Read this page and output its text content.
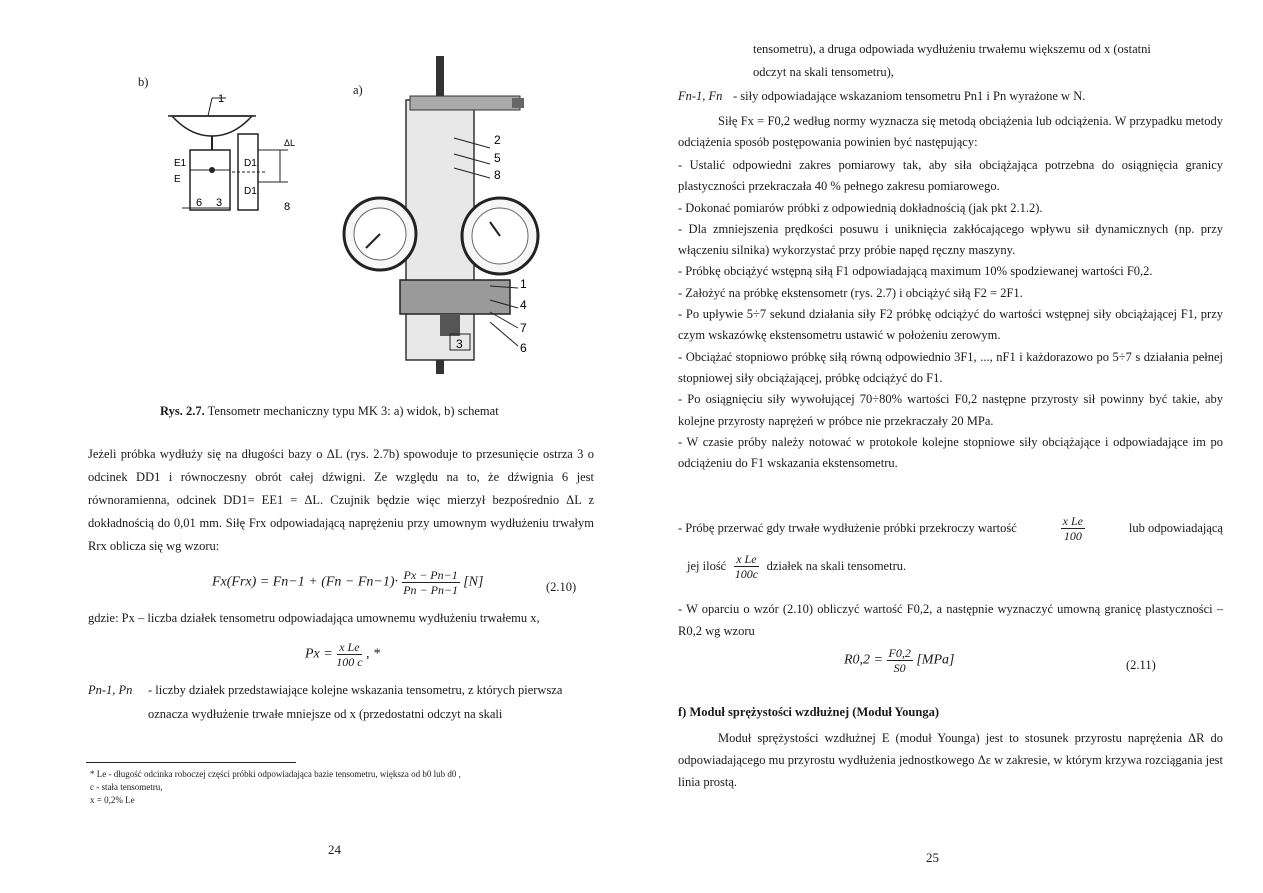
b)
1
E1
E
D1
D1
6 3	8
ΔL
a)
2
5
8
1
4
7
3	6
Rys. 2.7. Tensometr mechaniczny typu MK 3: a) widok, b) schemat
Jeżeli próbka wydłuży się na długości bazy o ΔL (rys. 2.7b) spowoduje to przesunięcie ostrza 3 o odcinek DD1 i równoczesny obrót całej dźwigni. Ze względu na to, że dźwignia 6 jest równoramienna, odcinek DD1= EE1 = ΔL. Czujnik będzie więc mierzył bezpośrednio ΔL z dokładnością do 0,01 mm. Siłę Frx odpowiadającą naprężeniu przy umownym wydłużeniu trwałym Rrx oblicza się wg wzoru:
$Fx(Frx) = Fn-1 + (Fn - Fn-1)\cdot \frac{Px - Pn-1}{Pn - Pn-1} [N]$	(2.10)
gdzie: Px – liczba działek tensometru odpowiadająca umownemu wydłużeniu trwałemu x,
$Px = \frac{\text{x Le}}{100 c}$ , *
Pn-1, Pn - liczby działek przedstawiające kolejne wskazania tensometru, z których pierwsza
oznacza wydłużenie trwałe mniejsze od x (przedostatni odczyt na skali
* Le - długość odcinka roboczej części próbki odpowiadająca bazie tensometru, większa od b0 lub d0 ,
c - stała tensometru,
x = 0,2% Le
24
tensometru), a druga odpowiada wydłużeniu trwałemu większemu od x (ostatni
odczyt na skali tensometru),
Fn-1, Fn - siły odpowiadające wskazaniom tensometru Pn1 i Pn wyrażone w N.
Siłę Fx = F0,2 według normy wyznacza się metodą obciążenia lub odciążenia. W przypadku metody odciążenia sposób postępowania powinien być następujący:
- Ustalić odpowiedni zakres pomiarowy tak, aby siła obciążająca potrzebna do osiągnięcia granicy plastyczności przekraczała 40 % pełnego zakresu pomiarowego.
- Dokonać pomiarów próbki z odpowiednią dokładnością (jak pkt 2.1.2).
- Dla zmniejszenia prędkości posuwu i uniknięcia zakłócającego wpływu sił dynamicznych (np. przy włączeniu silnika) wykorzystać przy próbie napęd ręczny maszyny.
- Próbkę obciążyć wstępną siłą F1 odpowiadającą maximum 10% spodziewanej wartości F0,2.
- Założyć na próbkę ekstensometr (rys. 2.7) i obciążyć siłą F2 = 2F1.
- Po upływie 5÷7 sekund działania siły F2 próbkę odciążyć do wartości wstępnej siły obciążającej F1, przy czym wskazówkę ekstensometru ustawić w położeniu zerowym.
- Obciążać stopniowo próbkę siłą równą odpowiednio 3F1, ..., nF1 i każdorazowo po 5÷7 s działania pełnej stopniowej siły obciążającej, próbkę odciążyć do F1.
- Po osiągnięciu siły wywołującej 70÷80% wartości F0,2 następne przyrosty sił powinny być takie, aby kolejne przyrosty naprężeń w próbce nie przekraczały 20 MPa.
- W czasie próby należy notować w protokole kolejne stopniowe siły obciążające i odpowiadające im po odciążeniu do F1 wskazania ekstensometru.
- Próbę przerwać gdy trwałe wydłużenie próbki przekroczy wartość	$\frac{\text{x Le}}{100}$	lub odpowiadającą
jej ilość $\frac{\text{x Le}}{100c}$ działek na skali tensometru.
- W oparciu o wzór (2.10) obliczyć wartość F0,2, a następnie wyznaczyć umowną granicę plastyczności – R0,2 wg wzoru
$R0,2 = \frac{F0,2}{S0} [MPa]$	(2.11)
f) Moduł sprężystości wzdłużnej (Moduł Younga)
Moduł sprężystości wzdłużnej E (moduł Younga) jest to stosunek przyrostu naprężenia ΔR do odpowiadającego mu przyrostu wydłużenia jednostkowego Δε w zakresie, w którym krzywa rozciągania jest linia prostą.
25
